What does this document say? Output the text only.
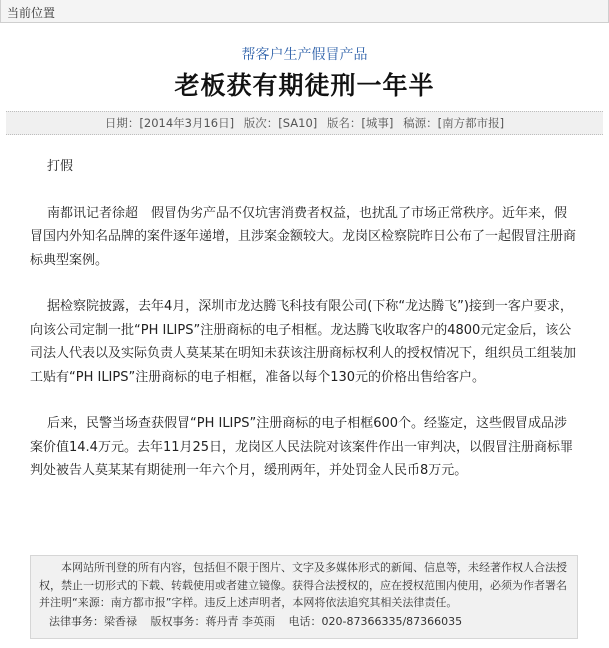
当前位置
帮客户生产假冒产品
老板获有期徒刑一年半
日期：[2014年3月16日] 版次：[SA10] 版名：[城事] 稿源：[南方都市报]

打假

南都讯记者徐超　假冒伪劣产品不仅坑害消费者权益，也扰乱了市场正常秩序。近年来，假冒国内外知名品牌的案件逐年递增，且涉案金额较大。龙岗区检察院昨日公布了一起假冒注册商标典型案例。

据检察院披露，去年4月，深圳市龙达腾飞科技有限公司(下称“龙达腾飞”)接到一客户要求，向该公司定制一批“PH ILIPS”注册商标的电子相框。龙达腾飞收取客户的4800元定金后，该公司法人代表以及实际负责人莫某某在明知未获该注册商标权利人的授权情况下，组织员工组装加工贴有“PH ILIPS”注册商标的电子相框，准备以每个130元的价格出售给客户。

后来，民警当场查获假冒“PH ILIPS”注册商标的电子相框600个。经鉴定，这些假冒成品涉案价值14.4万元。去年11月25日，龙岗区人民法院对该案件作出一审判决，以假冒注册商标罪判处被告人莫某某有期徒刑一年六个月，缓刑两年，并处罚金人民币8万元。

本网站所刊登的所有内容，包括但不限于图片、文字及多媒体形式的新闻、信息等，未经著作权人合法授权，禁止一切形式的下载、转载使用或者建立镜像。获得合法授权的，应在授权范围内使用，必须为作者署名并注明“来源：南方都市报”字样。违反上述声明者，本网将依法追究其相关法律责任。

法律事务：梁香禄 版权事务：蒋丹青 李英雨 电话：020-87366335/87366035
